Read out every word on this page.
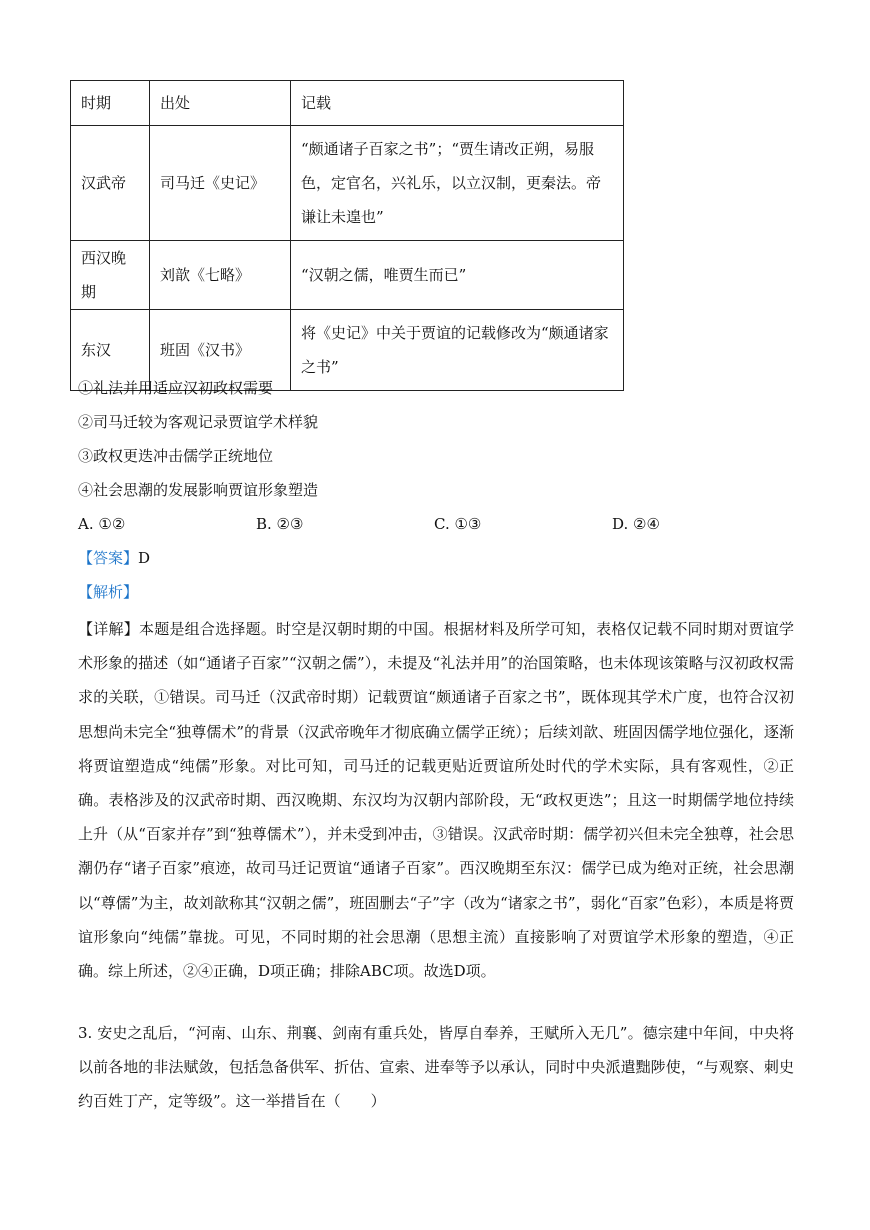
时期	出处	记载
汉武帝	司马迁《史记》	“颇通诸子百家之书”；“贾生请改正朔，易服色，定官名，兴礼乐，以立汉制，更秦法。帝谦让未遑也”
西汉晚期	刘歆《七略》	“汉朝之儒，唯贾生而已”
东汉	班固《汉书》	将《史记》中关于贾谊的记载修改为“颇通诸家之书”
①礼法并用适应汉初政权需要
②司马迁较为客观记录贾谊学术样貌
③政权更迭冲击儒学正统地位
④社会思潮的发展影响贾谊形象塑造
A. ①②	B. ②③	C. ①③	D. ②④
【答案】D
【解析】

【详解】本题是组合选择题。时空是汉朝时期的中国。根据材料及所学可知，表格仅记载不同时期对贾谊学术形象的描述（如“通诸子百家”“汉朝之儒”），未提及“礼法并用”的治国策略，也未体现该策略与汉初政权需求的关联，①错误。司马迁（汉武帝时期）记载贾谊“颇通诸子百家之书”，既体现其学术广度，也符合汉初思想尚未完全“独尊儒术”的背景（汉武帝晚年才彻底确立儒学正统）；后续刘歆、班固因儒学地位强化，逐渐将贾谊塑造成“纯儒”形象。对比可知，司马迁的记载更贴近贾谊所处时代的学术实际，具有客观性，②正确。表格涉及的汉武帝时期、西汉晚期、东汉均为汉朝内部阶段，无“政权更迭”；且这一时期儒学地位持续上升（从“百家并存”到“独尊儒术”），并未受到冲击，③错误。汉武帝时期：儒学初兴但未完全独尊，社会思潮仍存“诸子百家”痕迹，故司马迁记贾谊“通诸子百家”。西汉晚期至东汉：儒学已成为绝对正统，社会思潮以“尊儒”为主，故刘歆称其“汉朝之儒”，班固删去“子”字（改为“诸家之书”，弱化“百家”色彩），本质是将贾谊形象向“纯儒”靠拢。可见，不同时期的社会思潮（思想主流）直接影响了对贾谊学术形象的塑造，④正确。综上所述，②④正确，D项正确；排除ABC项。故选D项。

3. 安史之乱后，“河南、山东、荆襄、剑南有重兵处，皆厚自奉养，王赋所入无几”。德宗建中年间，中央将以前各地的非法赋敛，包括急备供军、折估、宣索、进奉等予以承认，同时中央派遣黜陟使，“与观察、刺史约百姓丁产，定等级”。这一举措旨在（　　）
